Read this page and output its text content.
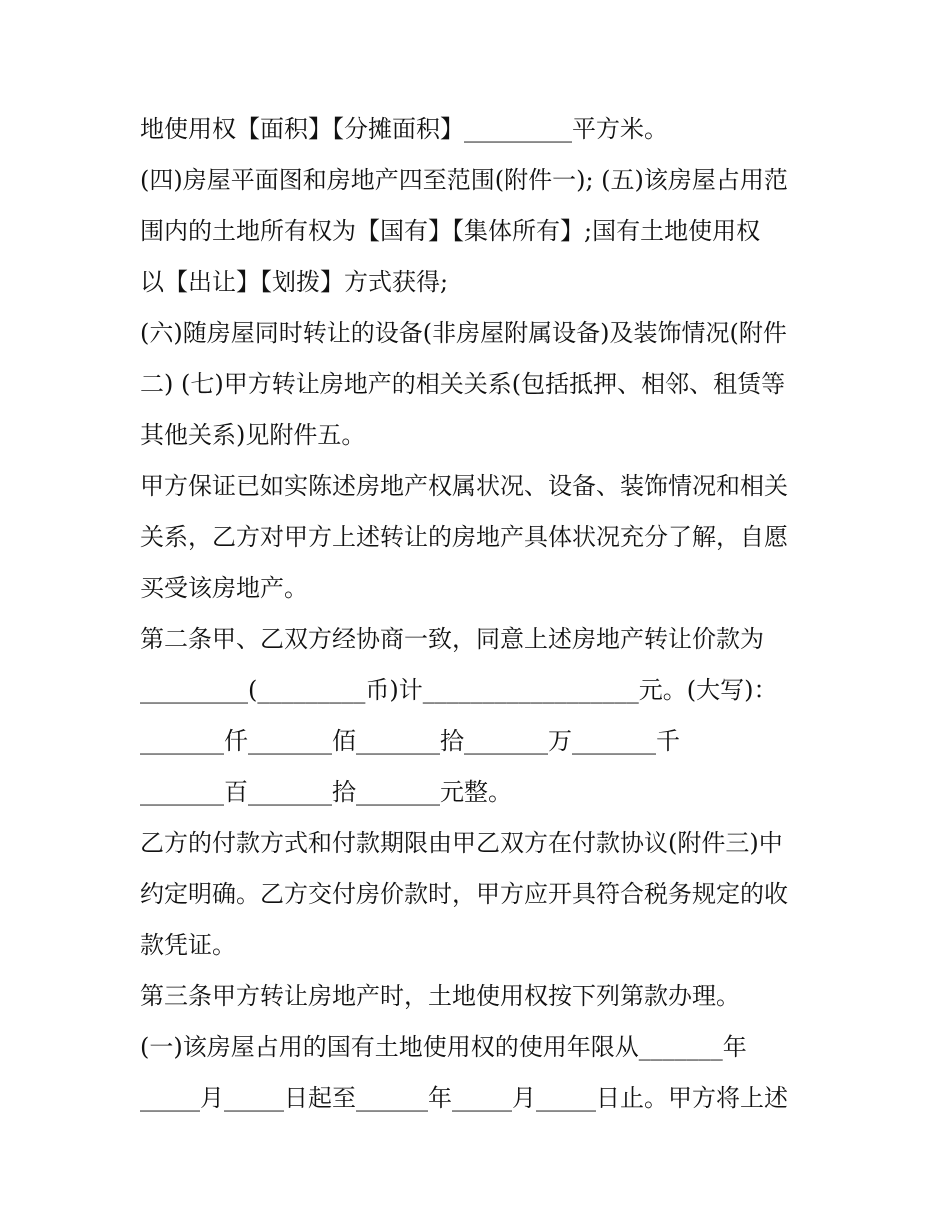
地使用权【面积】【分摊面积】_________平方米。
(四)房屋平面图和房地产四至范围(附件一); (五)该房屋占用范
围内的土地所有权为【国有】【集体所有】;国有土地使用权
以【出让】【划拨】方式获得;
(六)随房屋同时转让的设备(非房屋附属设备)及装饰情况(附件
二) (七)甲方转让房地产的相关关系(包括抵押、相邻、租赁等
其他关系)见附件五。
甲方保证已如实陈述房地产权属状况、设备、装饰情况和相关
关系，乙方对甲方上述转让的房地产具体状况充分了解，自愿
买受该房地产。
第二条甲、乙双方经协商一致，同意上述房地产转让价款为
_________(_________币)计__________________元。(大写)：
_______仟_______佰_______拾_______万_______千
_______百_______拾_______元整。
乙方的付款方式和付款期限由甲乙双方在付款协议(附件三)中
约定明确。乙方交付房价款时，甲方应开具符合税务规定的收
款凭证。
第三条甲方转让房地产时，土地使用权按下列第款办理。
(一)该房屋占用的国有土地使用权的使用年限从_______年
_____月_____日起至______年_____月_____日止。甲方将上述
